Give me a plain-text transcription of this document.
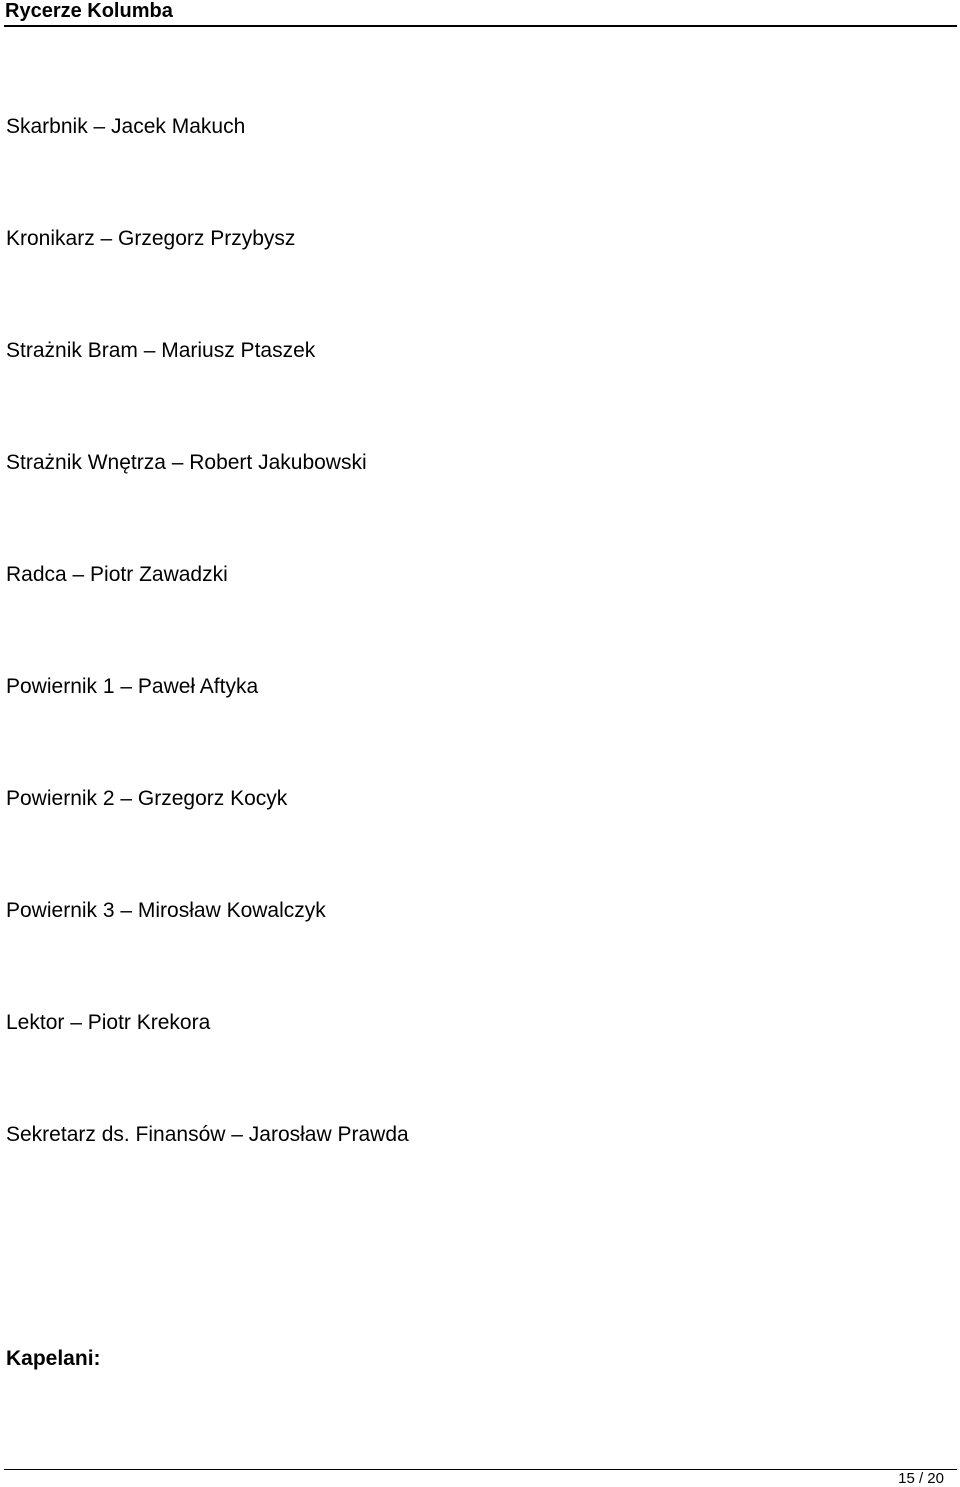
Rycerze Kolumba
Skarbnik – Jacek Makuch
Kronikarz – Grzegorz Przybysz
Strażnik Bram – Mariusz Ptaszek
Strażnik Wnętrza – Robert Jakubowski
Radca – Piotr Zawadzki
Powiernik 1 – Paweł Aftyka
Powiernik 2 – Grzegorz Kocyk
Powiernik 3 – Mirosław Kowalczyk
Lektor – Piotr Krekora
Sekretarz ds. Finansów – Jarosław Prawda
Kapelani:
15 / 20
